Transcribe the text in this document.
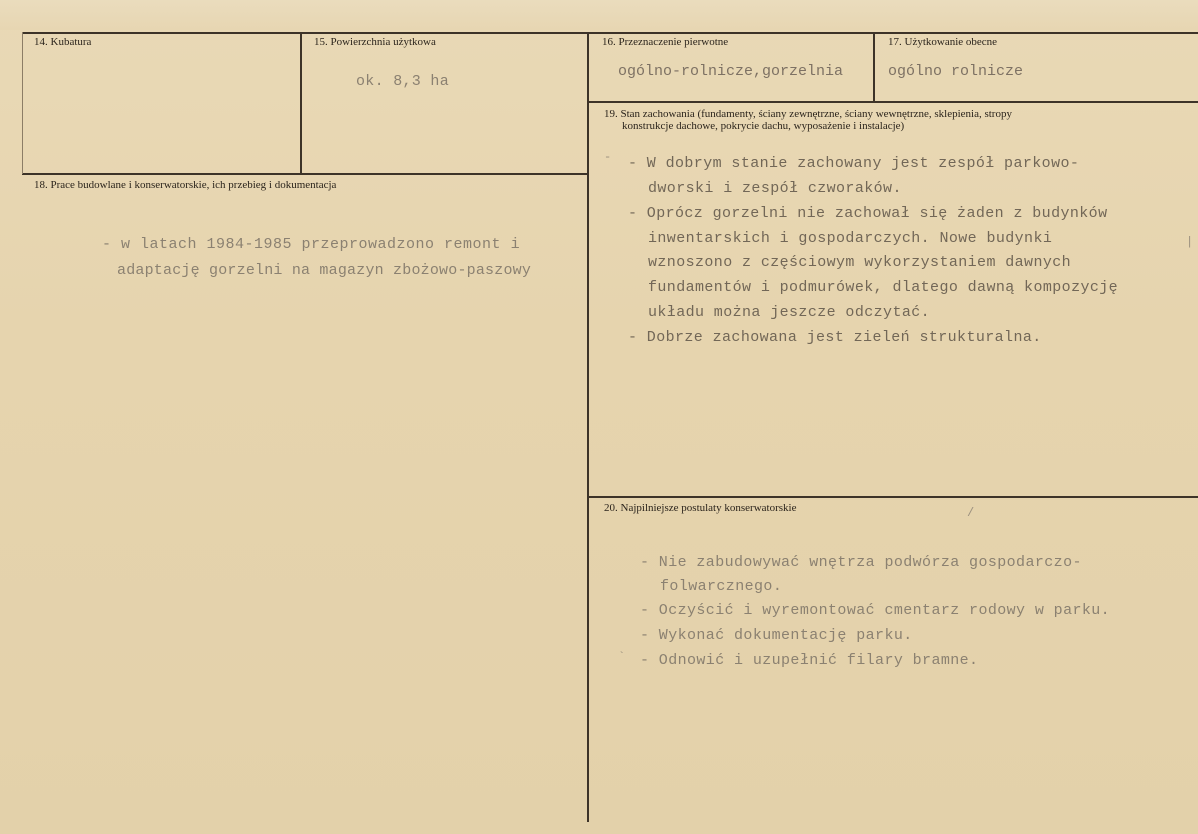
14. Kubatura	15. Powierzchnia użytkowa
ok. 8,3 ha
16. Przeznaczenie pierwotne
ogólno-rolnicze,gorzelnia
17. Użytkowanie obecne
ogólno rolnicze
19. Stan zachowania (fundamenty, ściany zewnętrzne, ściany wewnętrzne, sklepienia, stropy
konstrukcje dachowe, pokrycie dachu, wyposażenie i instalacje)
- W dobrym stanie zachowany jest zespół parkowo-
dworski i zespół czworaków.
- Oprócz gorzelni nie zachował się żaden z budynków
inwentarskich i gospodarczych. Nowe budynki
wznoszono z częściowym wykorzystaniem dawnych
fundamentów i podmurówek, dlatego dawną kompozycję
układu można jeszcze odczytać.
- Dobrze zachowana jest zieleń strukturalna.
18. Prace budowlane i konserwatorskie, ich przebieg i dokumentacja
- w latach 1984-1985 przeprowadzono remont i
adaptację gorzelni na magazyn zbożowo-paszowy
20. Najpilniejsze postulaty konserwatorskie
- Nie zabudowywać wnętrza podwórza gospodarczo-
folwarcznego.
- Oczyścić i wyremontować cmentarz rodowy w parku.
- Wykonać dokumentację parku.
- Odnowić i uzupełnić filary bramne.
-
`
/
|
